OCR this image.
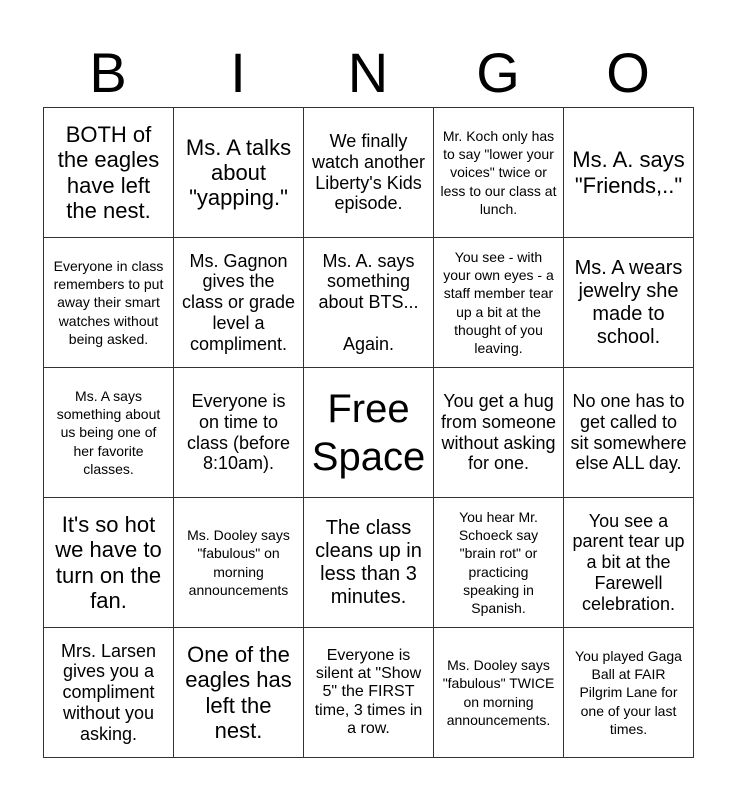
B	I	N	G	O
BOTH of the eagles have left the nest.
Ms. A talks about "yapping."
We finally watch another Liberty's Kids episode.
Mr. Koch only has to say "lower your voices" twice or less to our class at lunch.
Ms. A. says "Friends,.."
Everyone in class remembers to put away their smart watches without being asked.
Ms. Gagnon gives the class or grade level a compliment.
Ms. A. says something about BTS...

Again.
You see - with your own eyes - a staff member tear up a bit at the thought of you leaving.
Ms. A wears jewelry she made to school.
Ms. A says something about us being one of her favorite classes.
Everyone is on time to class (before 8:10am).
Free Space
You get a hug from someone without asking for one.
No one has to get called to sit somewhere else ALL day.
It's so hot we have to turn on the fan.
Ms. Dooley says "fabulous" on morning announcements
The class cleans up in less than 3 minutes.
You hear Mr. Schoeck say "brain rot" or practicing speaking in Spanish.
You see a parent tear up a bit at the Farewell celebration.
Mrs. Larsen gives you a compliment without you asking.
One of the eagles has left the nest.
Everyone is silent at "Show 5" the FIRST time, 3 times in a row.
Ms. Dooley says "fabulous" TWICE on morning announcements.
You played Gaga Ball at FAIR Pilgrim Lane for one of your last times.
